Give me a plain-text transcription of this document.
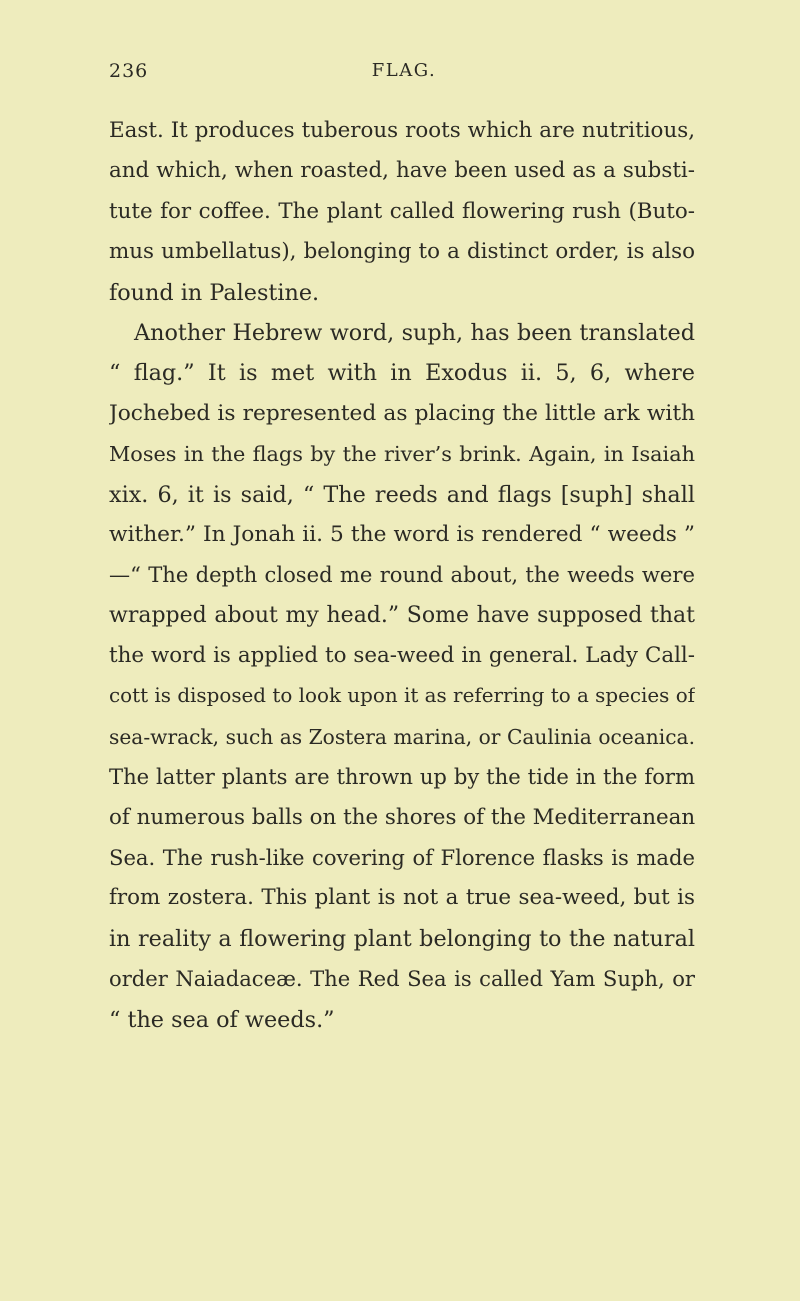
236	FLAG.
East. It produces tuberous roots which are nutritious,
and which, when roasted, have been used as a substi-
tute for coffee. The plant called flowering rush (Buto-
mus umbellatus), belonging to a distinct order, is also
found in Palestine.
Another Hebrew word, suph, has been translated
“ flag.” It is met with in Exodus ii. 5, 6, where
Jochebed is represented as placing the little ark with
Moses in the flags by the river’s brink. Again, in Isaiah
xix. 6, it is said, “ The reeds and flags [suph] shall
wither.” In Jonah ii. 5 the word is rendered “ weeds ”
—“ The depth closed me round about, the weeds were
wrapped about my head.” Some have supposed that
the word is applied to sea-weed in general. Lady Call-
cott is disposed to look upon it as referring to a species of
sea-wrack, such as Zostera marina, or Caulinia oceanica.
The latter plants are thrown up by the tide in the form
of numerous balls on the shores of the Mediterranean
Sea. The rush-like covering of Florence flasks is made
from zostera. This plant is not a true sea-weed, but is
in reality a flowering plant belonging to the natural
order Naiadaceæ. The Red Sea is called Yam Suph, or
“ the sea of weeds.”
